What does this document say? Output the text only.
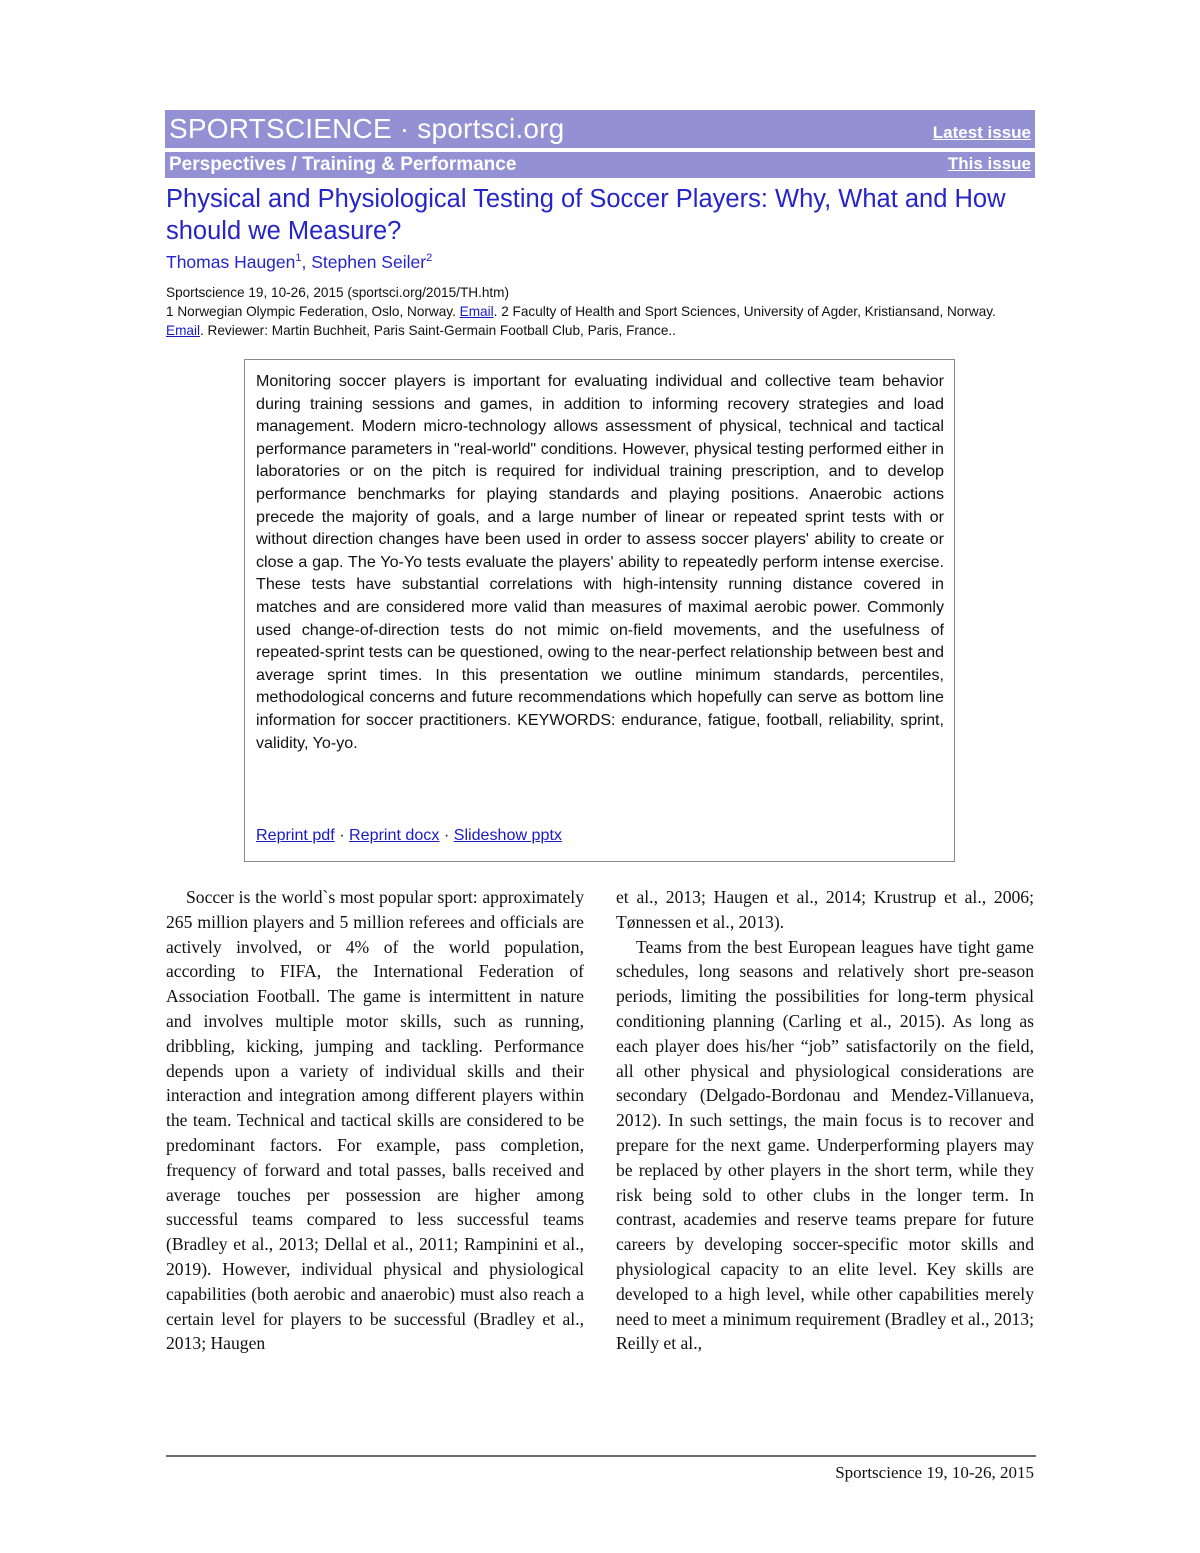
SPORTSCIENCE · sportsci.org	Latest issue
Perspectives / Training & Performance	This issue
Physical and Physiological Testing of Soccer Players: Why, What and How should we Measure?
Thomas Haugen$^1$, Stephen Seiler$^2$
Sportscience 19, 10-26, 2015 (sportsci.org/2015/TH.htm)
1 Norwegian Olympic Federation, Oslo, Norway. Email. 2 Faculty of Health and Sport Sciences, University of Agder, Kristiansand, Norway. Email. Reviewer: Martin Buchheit, Paris Saint-Germain Football Club, Paris, France..

Monitoring soccer players is important for evaluating individual and collective team behavior during training sessions and games, in addition to informing recovery strategies and load management. Modern micro-technology allows assessment of physical, technical and tactical performance parameters in "real-world" conditions. However, physical testing performed either in laboratories or on the pitch is required for individual training prescription, and to develop performance benchmarks for playing standards and playing positions. Anaerobic actions precede the majority of goals, and a large number of linear or repeated sprint tests with or without direction changes have been used in order to assess soccer players' ability to create or close a gap. The Yo-Yo tests evaluate the players' ability to repeatedly perform intense exercise. These tests have substantial correlations with high-intensity running distance covered in matches and are considered more valid than measures of maximal aerobic power. Commonly used change-of-direction tests do not mimic on-field movements, and the usefulness of repeated-sprint tests can be questioned, owing to the near-perfect relationship between best and average sprint times. In this presentation we outline minimum standards, percentiles, methodological concerns and future recommendations which hopefully can serve as bottom line information for soccer practitioners. KEYWORDS: endurance, fatigue, football, reliability, sprint, validity, Yo-yo.

Reprint pdf · Reprint docx · Slideshow pptx

Soccer is the world`s most popular sport: approximately 265 million players and 5 million referees and officials are actively involved, or 4% of the world population, according to FIFA, the International Federation of Association Football. The game is intermittent in nature and involves multiple motor skills, such as running, dribbling, kicking, jumping and tackling. Performance depends upon a variety of individual skills and their interaction and integration among different players within the team. Technical and tactical skills are considered to be predominant factors. For example, pass completion, frequency of forward and total passes, balls received and average touches per possession are higher among successful teams compared to less successful teams (Bradley et al., 2013; Dellal et al., 2011; Rampinini et al., 2019). However, individual physical and physiological capabilities (both aerobic and anaerobic) must also reach a certain level for players to be successful (Bradley et al., 2013; Haugen

et al., 2013; Haugen et al., 2014; Krustrup et al., 2006; Tønnessen et al., 2013).

Teams from the best European leagues have tight game schedules, long seasons and relatively short pre-season periods, limiting the possibilities for long-term physical conditioning planning (Carling et al., 2015). As long as each player does his/her “job” satisfactorily on the field, all other physical and physiological considerations are secondary (Delgado-Bordonau and Mendez-Villanueva, 2012). In such settings, the main focus is to recover and prepare for the next game. Underperforming players may be replaced by other players in the short term, while they risk being sold to other clubs in the longer term. In contrast, academies and reserve teams prepare for future careers by developing soccer-specific motor skills and physiological capacity to an elite level. Key skills are developed to a high level, while other capabilities merely need to meet a minimum requirement (Bradley et al., 2013; Reilly et al.,

Sportscience 19, 10-26, 2015
